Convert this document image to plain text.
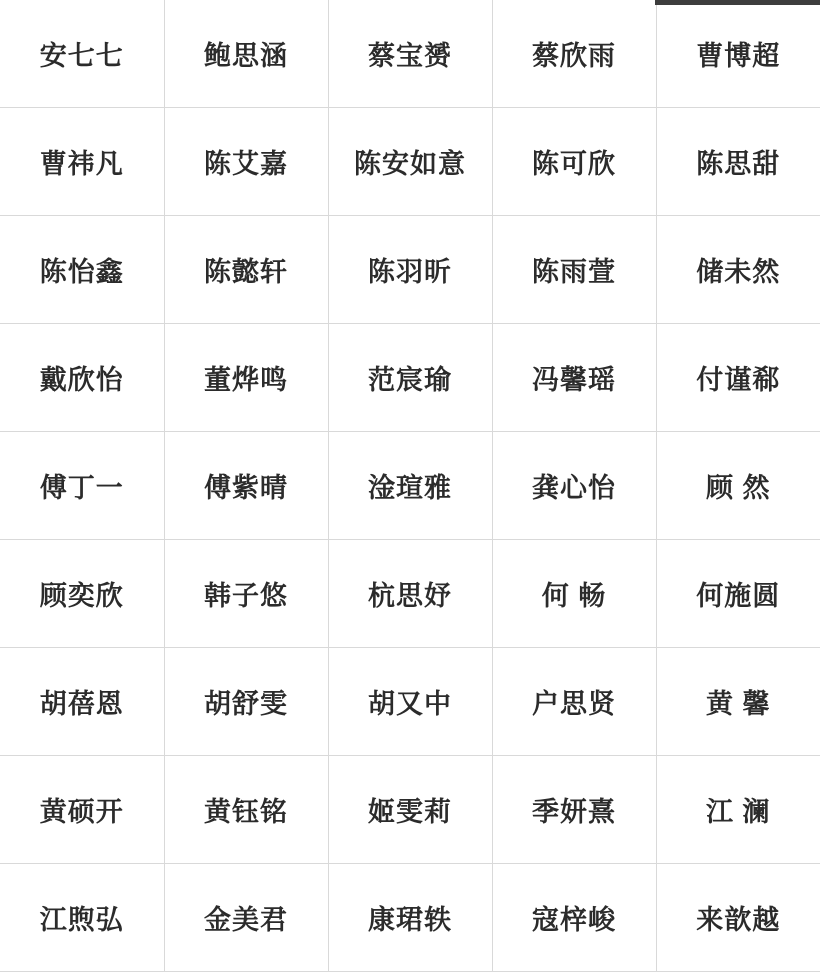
安七七	鲍思涵	蔡宝赟	蔡欣雨	曹博超
曹祎凡	陈艾嘉	陈安如意	陈可欣	陈思甜
陈怡鑫	陈懿轩	陈羽昕	陈雨萱	储未然
戴欣怡	董烨鸣	范宸瑜	冯馨瑶	付谨郗
傅丁一	傅紫晴	淦瑄雅	龚心怡	顾 然
顾奕欣	韩子悠	杭思妤	何 畅	何施圆
胡蓓恩	胡舒雯	胡又中	户思贤	黄 馨
黄硕开	黄钰铭	姬雯莉	季妍熹	江 澜
江煦弘	金美君	康珺轶	寇梓峻	来歆越
